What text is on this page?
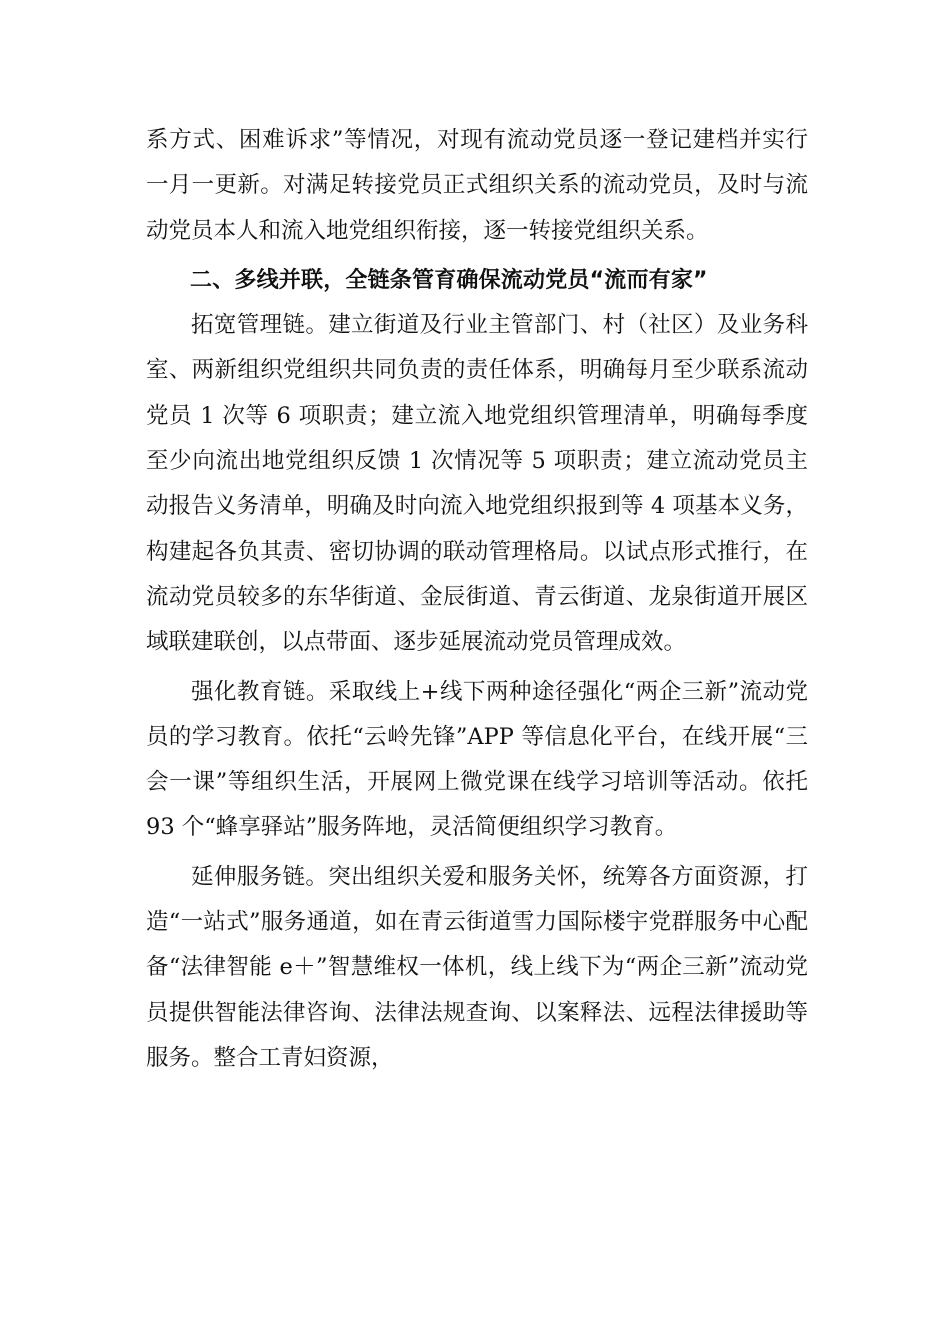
系方式、困难诉求”等情况，对现有流动党员逐一登记建档并实行一月一更新。对满足转接党员正式组织关系的流动党员，及时与流动党员本人和流入地党组织衔接，逐一转接党组织关系。

二、多线并联，全链条管育确保流动党员“流而有家”

拓宽管理链。建立街道及行业主管部门、村（社区）及业务科室、两新组织党组织共同负责的责任体系，明确每月至少联系流动党员 1 次等 6 项职责；建立流入地党组织管理清单，明确每季度至少向流出地党组织反馈 1 次情况等 5 项职责；建立流动党员主动报告义务清单，明确及时向流入地党组织报到等 4 项基本义务，构建起各负其责、密切协调的联动管理格局。以试点形式推行，在流动党员较多的东华街道、金辰街道、青云街道、龙泉街道开展区域联建联创，以点带面、逐步延展流动党员管理成效。

强化教育链。采取线上+线下两种途径强化“两企三新”流动党员的学习教育。依托“云岭先锋”APP 等信息化平台，在线开展“三会一课”等组织生活，开展网上微党课在线学习培训等活动。依托 93 个“蜂享驿站”服务阵地，灵活简便组织学习教育。

延伸服务链。突出组织关爱和服务关怀，统筹各方面资源，打造“一站式”服务通道，如在青云街道雪力国际楼宇党群服务中心配备“法律智能 e＋”智慧维权一体机，线上线下为“两企三新”流动党员提供智能法律咨询、法律法规查询、以案释法、远程法律援助等服务。整合工青妇资源，
